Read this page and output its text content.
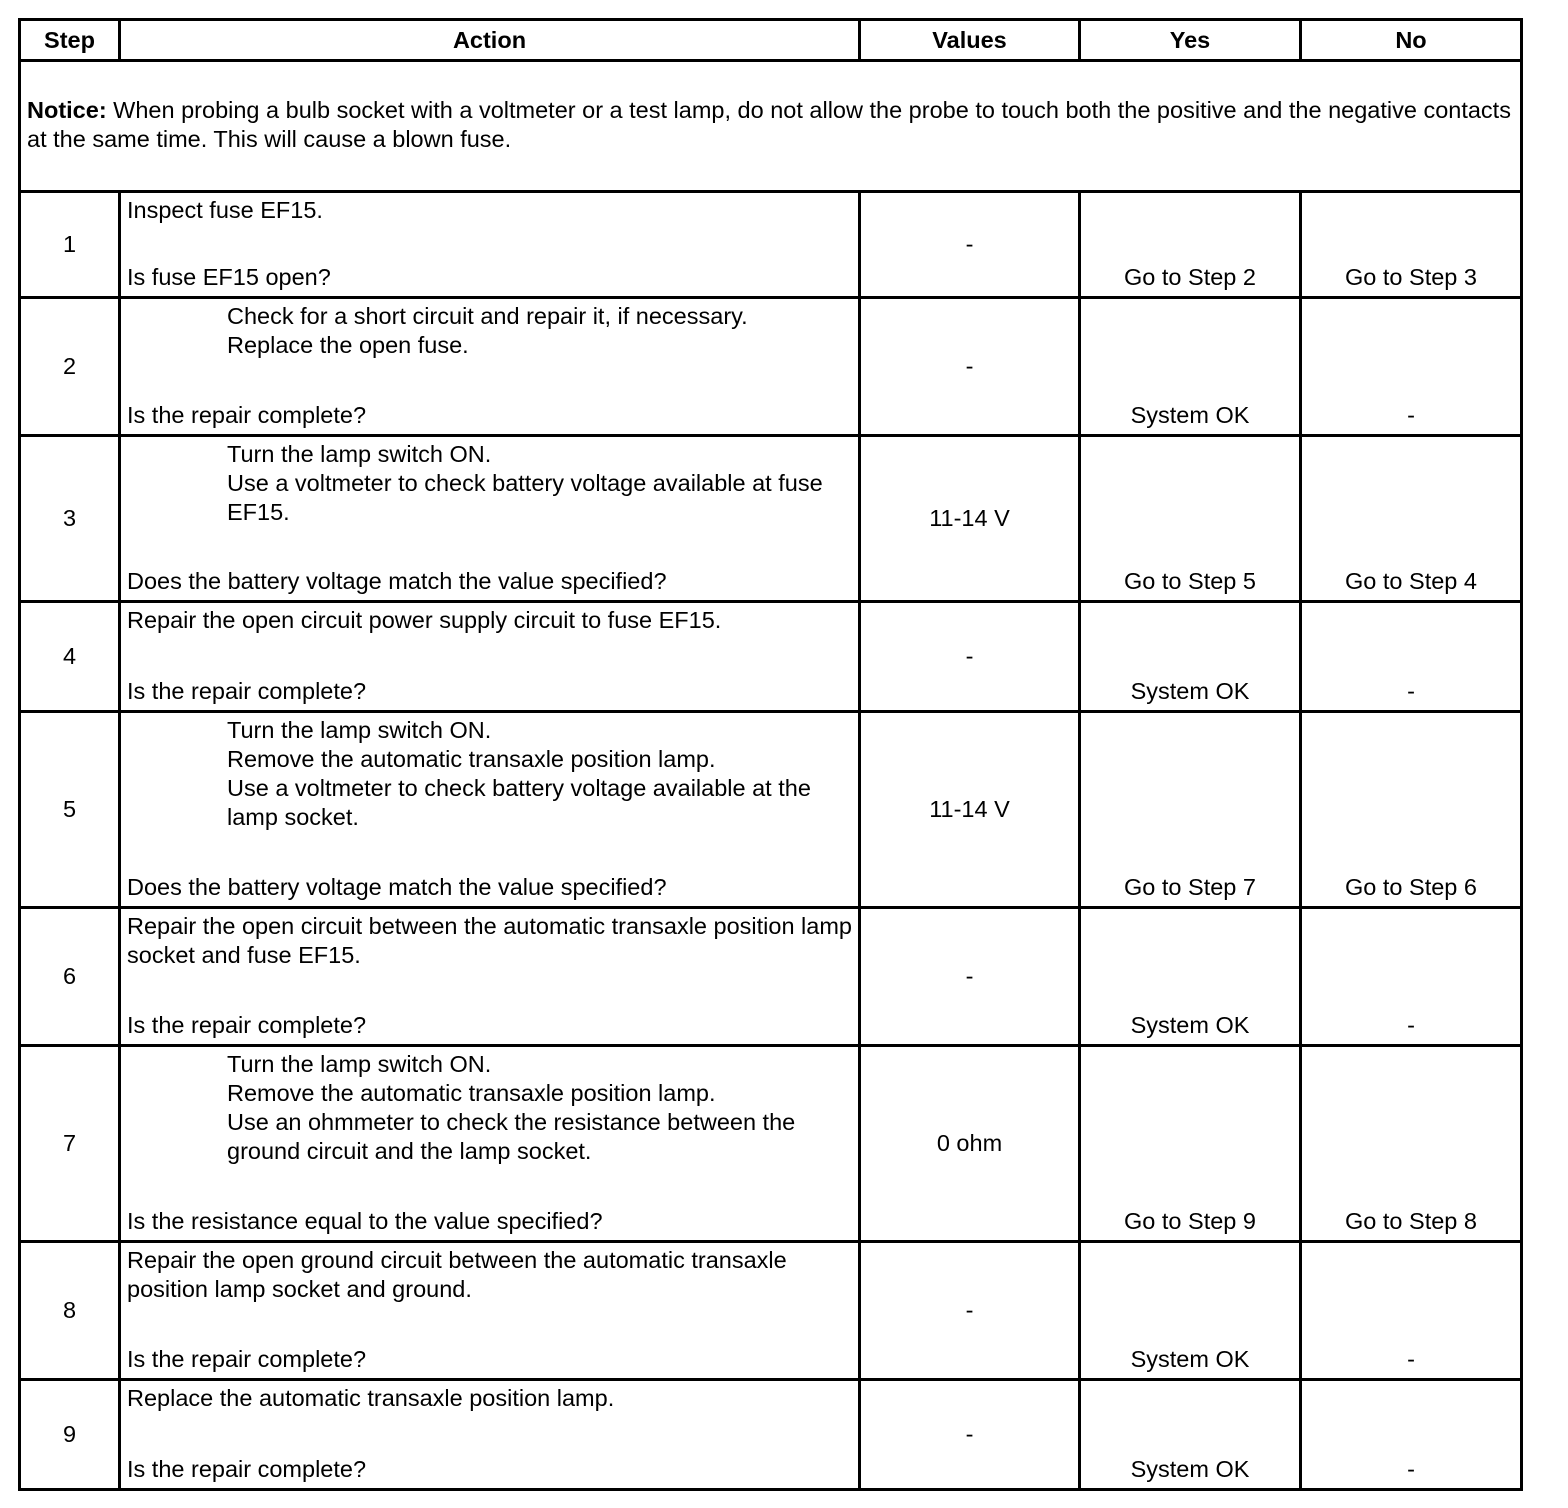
Step	Action	Values	Yes	No

Notice: When probing a bulb socket with a voltmeter or a test lamp, do not allow the probe to touch both the positive and the negative contacts at the same time. This will cause a blown fuse.				

1	Inspect fuse EF15.
Is fuse EF15 open?	-	Go to Step 2	Go to Step 3
2	Check for a short circuit and repair it, if necessary.
Replace the open fuse.
Is the repair complete?	-	System OK	-
3	Turn the lamp switch ON.
Use a voltmeter to check battery voltage available at fuse EF15.
Does the battery voltage match the value specified?	11-14 V	Go to Step 5	Go to Step 4
4	Repair the open circuit power supply circuit to fuse EF15.
Is the repair complete?	-	System OK	-
5	Turn the lamp switch ON.
Remove the automatic transaxle position lamp.
Use a voltmeter to check battery voltage available at the lamp socket.
Does the battery voltage match the value specified?	11-14 V	Go to Step 7	Go to Step 6
6	Repair the open circuit between the automatic transaxle position lamp socket and fuse EF15.
Is the repair complete?	-	System OK	-
7	Turn the lamp switch ON.
Remove the automatic transaxle position lamp.
Use an ohmmeter to check the resistance between the ground circuit and the lamp socket.
Is the resistance equal to the value specified?	0 ohm	Go to Step 9	Go to Step 8
8	Repair the open ground circuit between the automatic transaxle position lamp socket and ground.
Is the repair complete?	-	System OK	-
9	Replace the automatic transaxle position lamp.
Is the repair complete?	-	System OK	-
